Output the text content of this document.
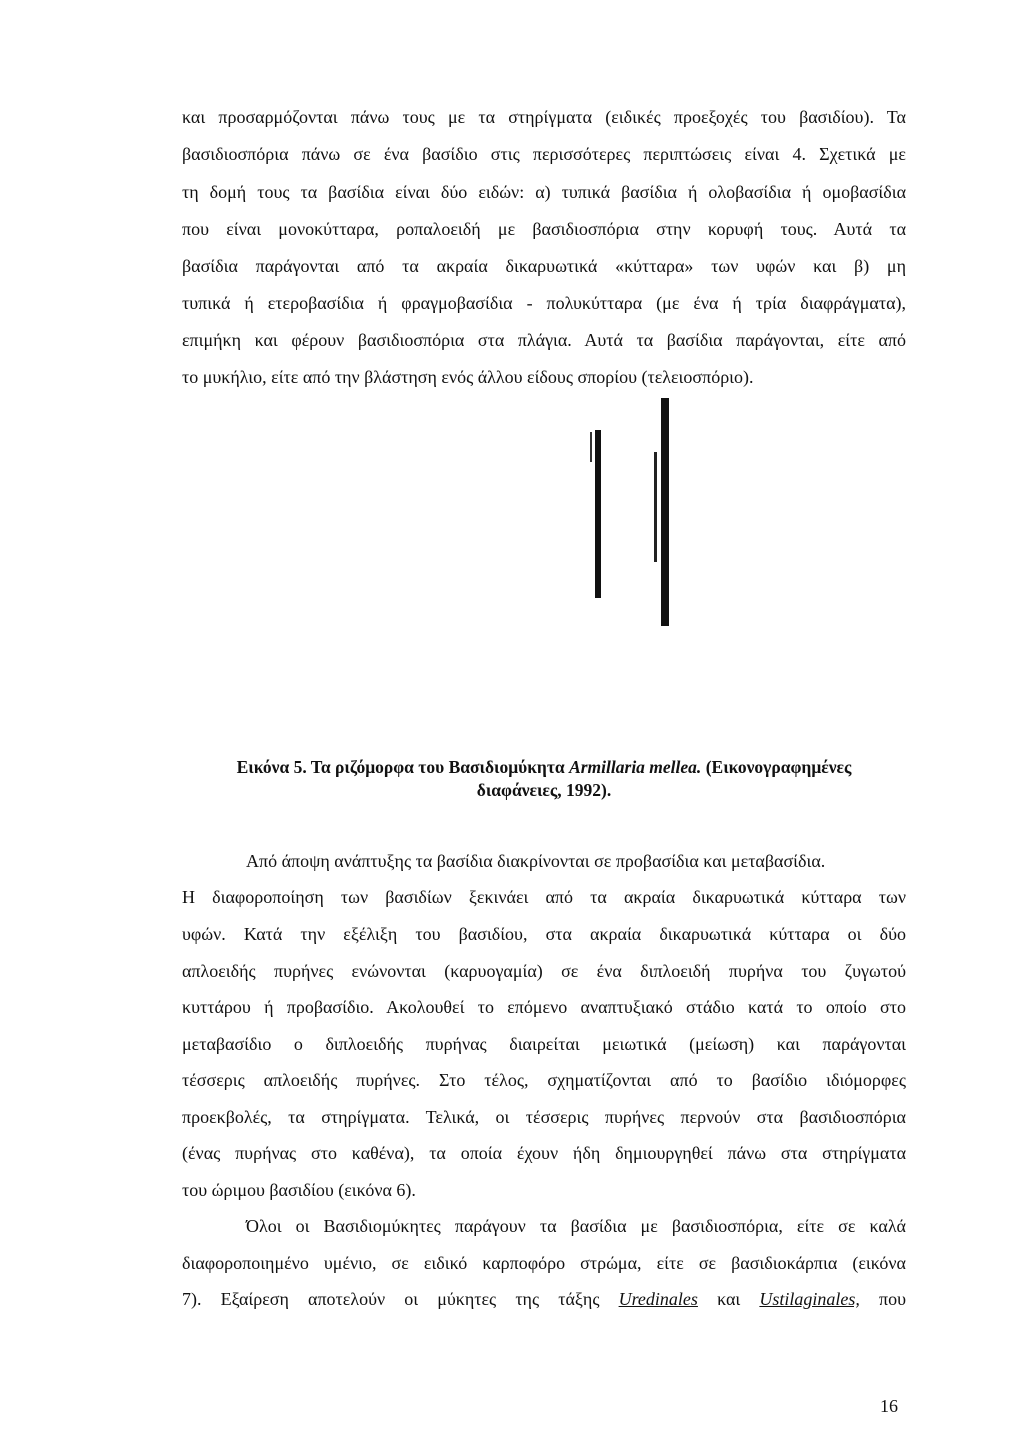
και προσαρμόζονται πάνω τους με τα στηρίγματα (ειδικές προεξοχές του βασιδίου). Τα
βασιδιοσπόρια πάνω σε ένα βασίδιο στις περισσότερες περιπτώσεις είναι 4. Σχετικά με
τη δομή τους τα βασίδια είναι δύο ειδών: α) τυπικά βασίδια ή ολοβασίδια ή ομοβασίδια
που είναι μονοκύτταρα, ροπαλοειδή με βασιδιοσπόρια στην κορυφή τους. Αυτά τα
βασίδια παράγονται από τα ακραία δικαρυωτικά «κύτταρα» των υφών και β) μη
τυπικά ή ετεροβασίδια ή φραγμοβασίδια - πολυκύτταρα (με ένα ή τρία διαφράγματα),
επιμήκη και φέρουν βασιδιοσπόρια στα πλάγια. Αυτά τα βασίδια παράγονται, είτε από
το μυκήλιο, είτε από την βλάστηση ενός άλλου είδους σπορίου (τελειοσπόριο).
Εικόνα 5. Τα ριζόμορφα του Βασιδιομύκητα Armillaria mellea. (Εικονογραφημένες
διαφάνειες, 1992).
Από άποψη ανάπτυξης τα βασίδια διακρίνονται σε προβασίδια και μεταβασίδια.
Η διαφοροποίηση των βασιδίων ξεκινάει από τα ακραία δικαρυωτικά κύτταρα των
υφών. Κατά την εξέλιξη του βασιδίου, στα ακραία δικαρυωτικά κύτταρα οι δύο
απλοειδής πυρήνες ενώνονται (καρυογαμία) σε ένα διπλοειδή πυρήνα του ζυγωτού
κυττάρου ή προβασίδιο. Ακολουθεί το επόμενο αναπτυξιακό στάδιο κατά το οποίο στο
μεταβασίδιο ο διπλοειδής πυρήνας διαιρείται μειωτικά (μείωση) και παράγονται
τέσσερις απλοειδής πυρήνες. Στο τέλος, σχηματίζονται από το βασίδιο ιδιόμορφες
προεκβολές, τα στηρίγματα. Τελικά, οι τέσσερις πυρήνες περνούν στα βασιδιοσπόρια
(ένας πυρήνας στο καθένα), τα οποία έχουν ήδη δημιουργηθεί πάνω στα στηρίγματα
του ώριμου βασιδίου (εικόνα 6).
Όλοι οι Βασιδιομύκητες παράγουν τα βασίδια με βασιδιοσπόρια, είτε σε καλά
διαφοροποιημένο υμένιο, σε ειδικό καρποφόρο στρώμα, είτε σε βασιδιοκάρπια (εικόνα
7). Εξαίρεση αποτελούν οι μύκητες της τάξης Uredinales και Ustilaginales, που
16
